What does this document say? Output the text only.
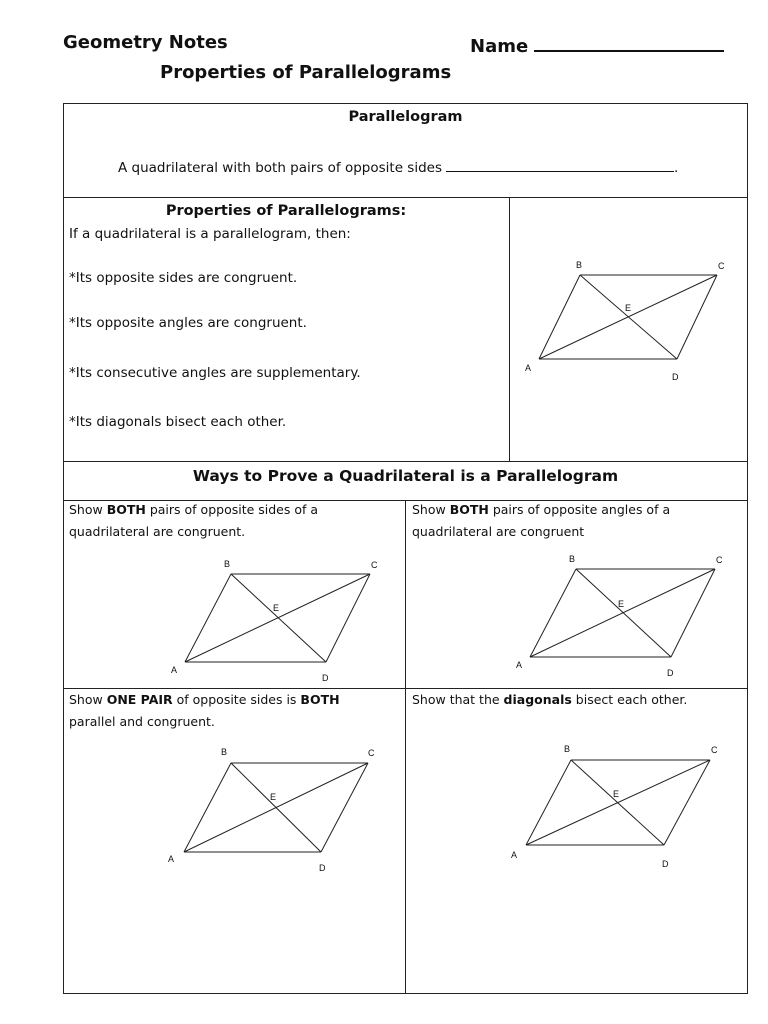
Geometry Notes	Name
Properties of Parallelograms
Parallelogram
A quadrilateral with both pairs of opposite sides	.
Properties of Parallelograms:
If a quadrilateral is a parallelogram, then:
*Its opposite sides are congruent.
*Its opposite angles are congruent.
*Its consecutive angles are supplementary.
*Its diagonals bisect each other.
B	C
E
A
D
Ways to Prove a Quadrilateral is a Parallelogram
Show BOTH pairs of opposite sides of a
quadrilateral are congruent.
Show BOTH pairs of opposite angles of a
quadrilateral are congruent
Show ONE PAIR of opposite sides is BOTH
parallel and congruent.
Show that the diagonals bisect each other.
B	C
E
A
D
B	C
E
A
D
B	C
E
A
D
B	C
E
A
D
